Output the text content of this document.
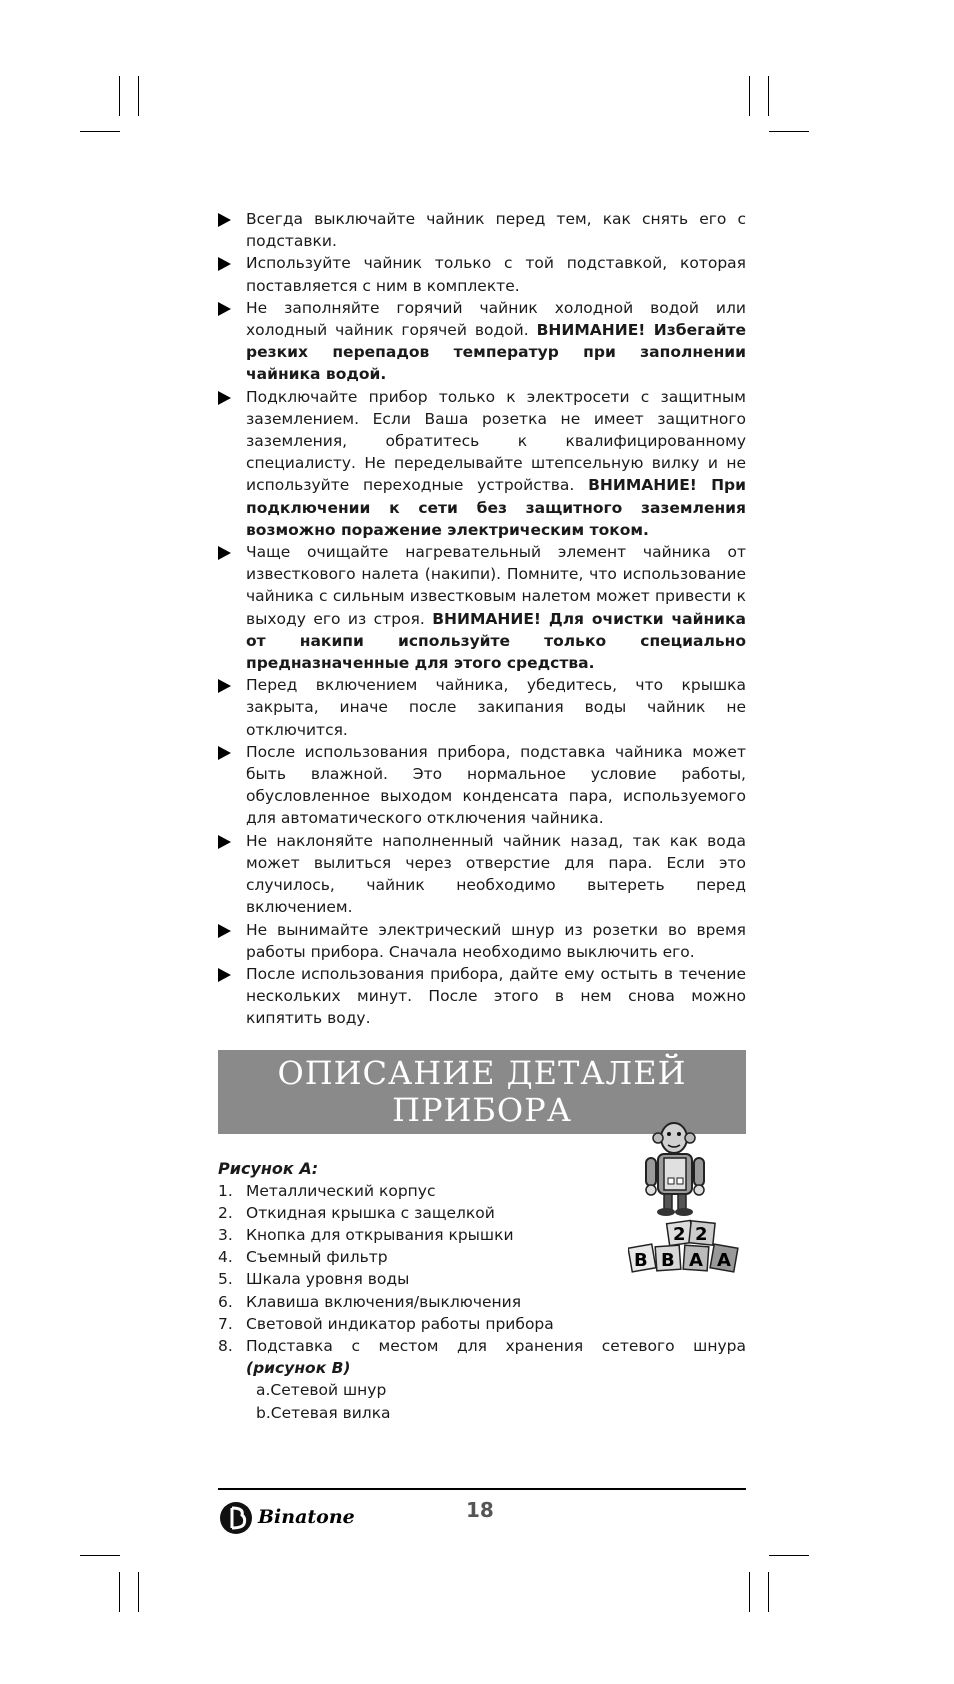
Всегда выключайте чайник перед тем, как снять его с подставки.
Используйте чайник только с той подставкой, которая поставляется с ним в комплекте.
Не заполняйте горячий чайник холодной водой или холодный чайник горячей водой. ВНИМАНИЕ! Избегайте резких перепадов температур при заполнении чайника водой.
Подключайте прибор только к электросети с защитным заземлением. Если Ваша розетка не имеет защитного заземления, обратитесь к квалифицированному специалисту. Не переделывайте штепсельную вилку и не используйте переходные устройства. ВНИМАНИЕ! При подключении к сети без защитного заземления возможно поражение электрическим током.
Чаще очищайте нагревательный элемент чайника от известкового налета (накипи). Помните, что использование чайника с сильным известковым налетом может привести к выходу его из строя. ВНИМАНИЕ! Для очистки чайника от накипи используйте только специально предназначенные для этого средства.
Перед включением чайника, убедитесь, что крышка закрыта, иначе после закипания воды чайник не отключится.
После использования прибора, подставка чайника может быть влажной. Это нормальное условие работы, обусловленное выходом конденсата пара, используемого для автоматического отключения чайника.
Не наклоняйте наполненный чайник назад, так как вода может вылиться через отверстие для пара. Если это случилось, чайник необходимо вытереть перед включением.
Не вынимайте электрический шнур из розетки во время работы прибора. Сначала необходимо выключить его.
После использования прибора, дайте ему остыть в течение нескольких минут. После этого в нем снова можно кипятить воду.
ОПИСАНИЕ ДЕТАЛЕЙ
ПРИБОРА
Рисунок А:
1. Металлический корпус
2. Откидная крышка с защелкой
3. Кнопка для открывания крышки
4. Съемный фильтр
5. Шкала уровня воды
6. Клавиша включения/выключения
7. Световой индикатор работы прибора
8. Подставка с местом для хранения сетевого шнура (рисунок В)
a.Сетевой шнур
b.Сетевая вилка
2 2
В В А А
Binatone	18
